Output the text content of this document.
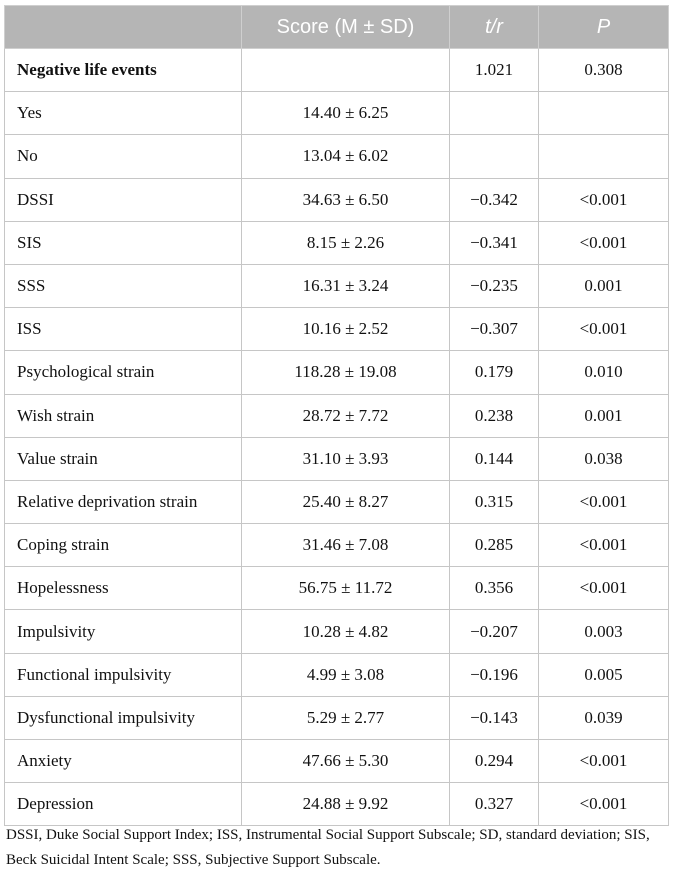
	Score (M ± SD)	t/r	P
Negative life events		1.021	0.308
Yes	14.40 ± 6.25		
No	13.04 ± 6.02		
DSSI	34.63 ± 6.50	−0.342	<0.001
SIS	8.15 ± 2.26	−0.341	<0.001
SSS	16.31 ± 3.24	−0.235	0.001
ISS	10.16 ± 2.52	−0.307	<0.001
Psychological strain	118.28 ± 19.08	0.179	0.010
Wish strain	28.72 ± 7.72	0.238	0.001
Value strain	31.10 ± 3.93	0.144	0.038
Relative deprivation strain	25.40 ± 8.27	0.315	<0.001
Coping strain	31.46 ± 7.08	0.285	<0.001
Hopelessness	56.75 ± 11.72	0.356	<0.001
Impulsivity	10.28 ± 4.82	−0.207	0.003
Functional impulsivity	4.99 ± 3.08	−0.196	0.005
Dysfunctional impulsivity	5.29 ± 2.77	−0.143	0.039
Anxiety	47.66 ± 5.30	0.294	<0.001
Depression	24.88 ± 9.92	0.327	<0.001
DSSI, Duke Social Support Index; ISS, Instrumental Social Support Subscale; SD, standard deviation; SIS, Beck Suicidal Intent Scale; SSS, Subjective Support Subscale.
